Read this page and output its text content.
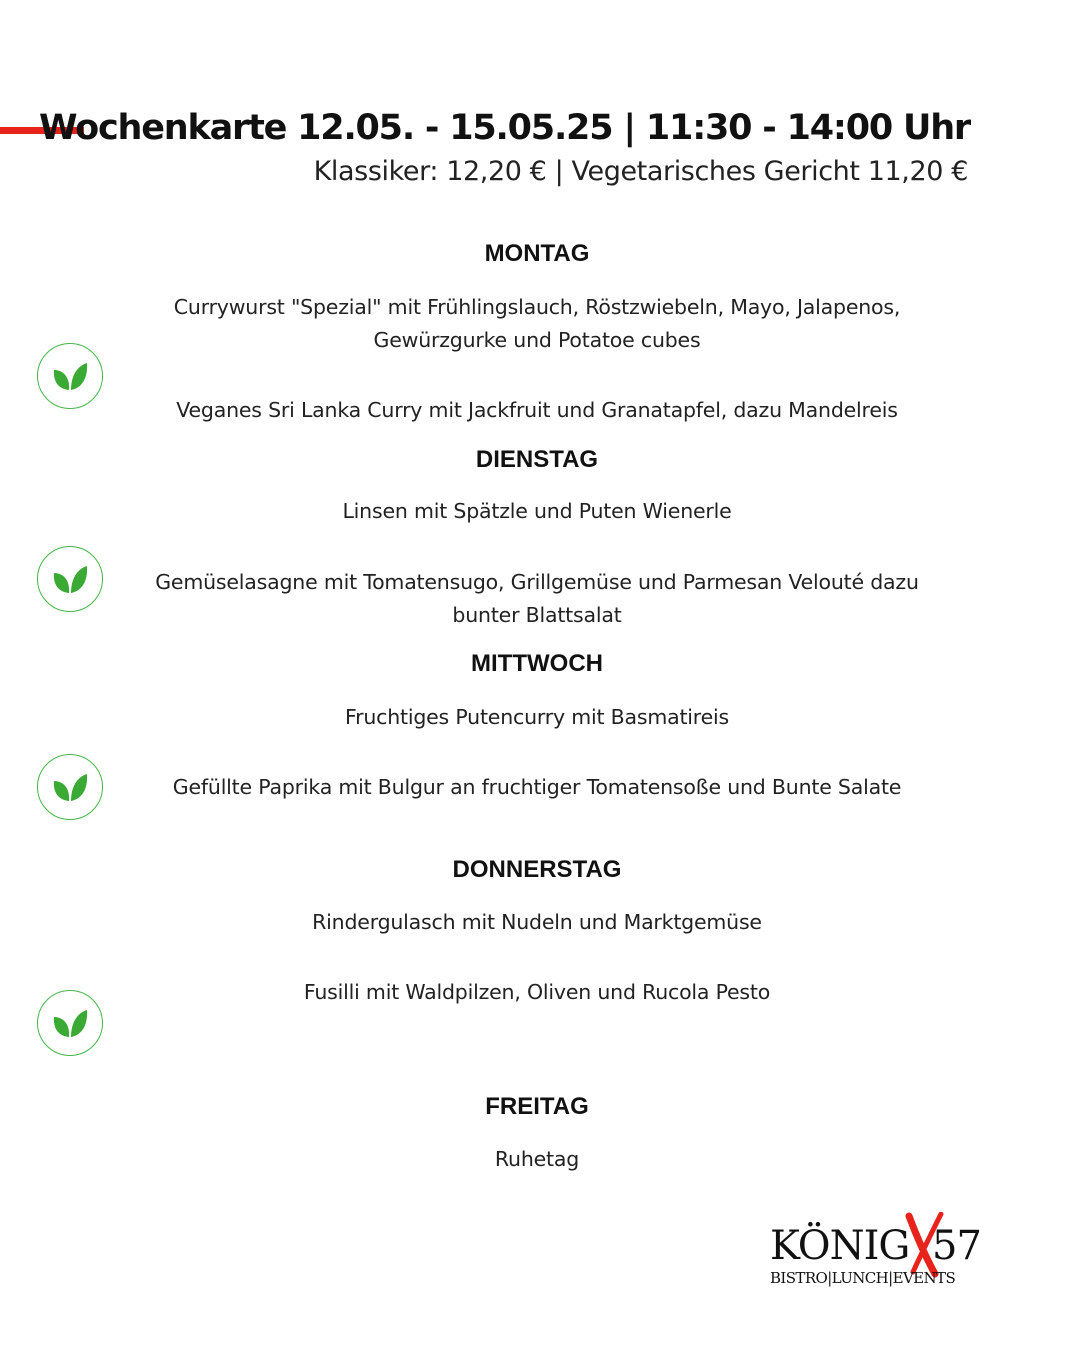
Wochenkarte 12.05. - 15.05.25 | 11:30 - 14:00 Uhr
Klassiker: 12,20 € | Vegetarisches Gericht 11,20 €
MONTAG
Currywurst "Spezial" mit Frühlingslauch, Röstzwiebeln, Mayo, Jalapenos, Gewürzgurke und Potatoe cubes
Veganes Sri Lanka Curry mit Jackfruit und Granatapfel, dazu Mandelreis
DIENSTAG
Linsen mit Spätzle und Puten Wienerle
Gemüselasagne mit Tomatensugo, Grillgemüse und Parmesan Velouté dazu bunter Blattsalat
MITTWOCH
Fruchtiges Putencurry mit Basmatireis
Gefüllte Paprika mit Bulgur an fruchtiger Tomatensoße und Bunte Salate
DONNERSTAG
Rindergulasch mit Nudeln und Marktgemüse
Fusilli mit Waldpilzen, Oliven und Rucola Pesto
FREITAG
Ruhetag
KÖNIG 57
BISTRO|LUNCH|EVENTS
